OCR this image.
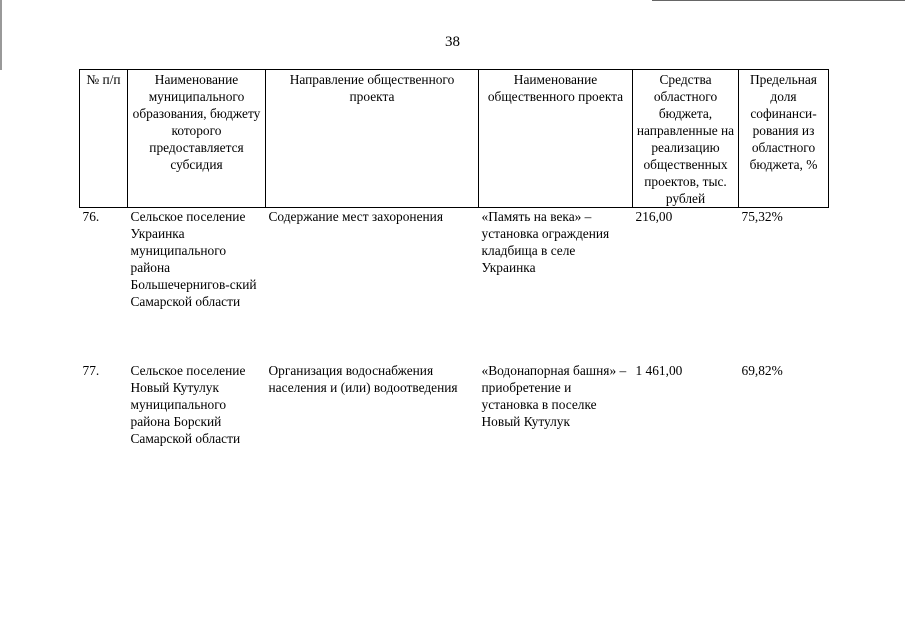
38
№ п/п	Наименование муниципального образования, бюджету которого предоставляется субсидия	Направление общественного проекта	Наименование общественного проекта	Средства областного бюджета, направленные на реализацию общественных проектов, тыс. рублей	Предельная доля софинанси-рования из областного бюджета, %
76.	Сельское поселение Украинка муниципального района Большечернигов-ский Самарской области	Содержание мест захоронения	«Память на века» – установка ограждения кладбища в селе Украинка	216,00	75,32%
77.	Сельское поселение Новый Кутулук муниципального района Борский Самарской области	Организация водоснабжения населения и (или) водоотведения	«Водонапорная башня» – приобретение и установка в поселке Новый Кутулук	1 461,00	69,82%
